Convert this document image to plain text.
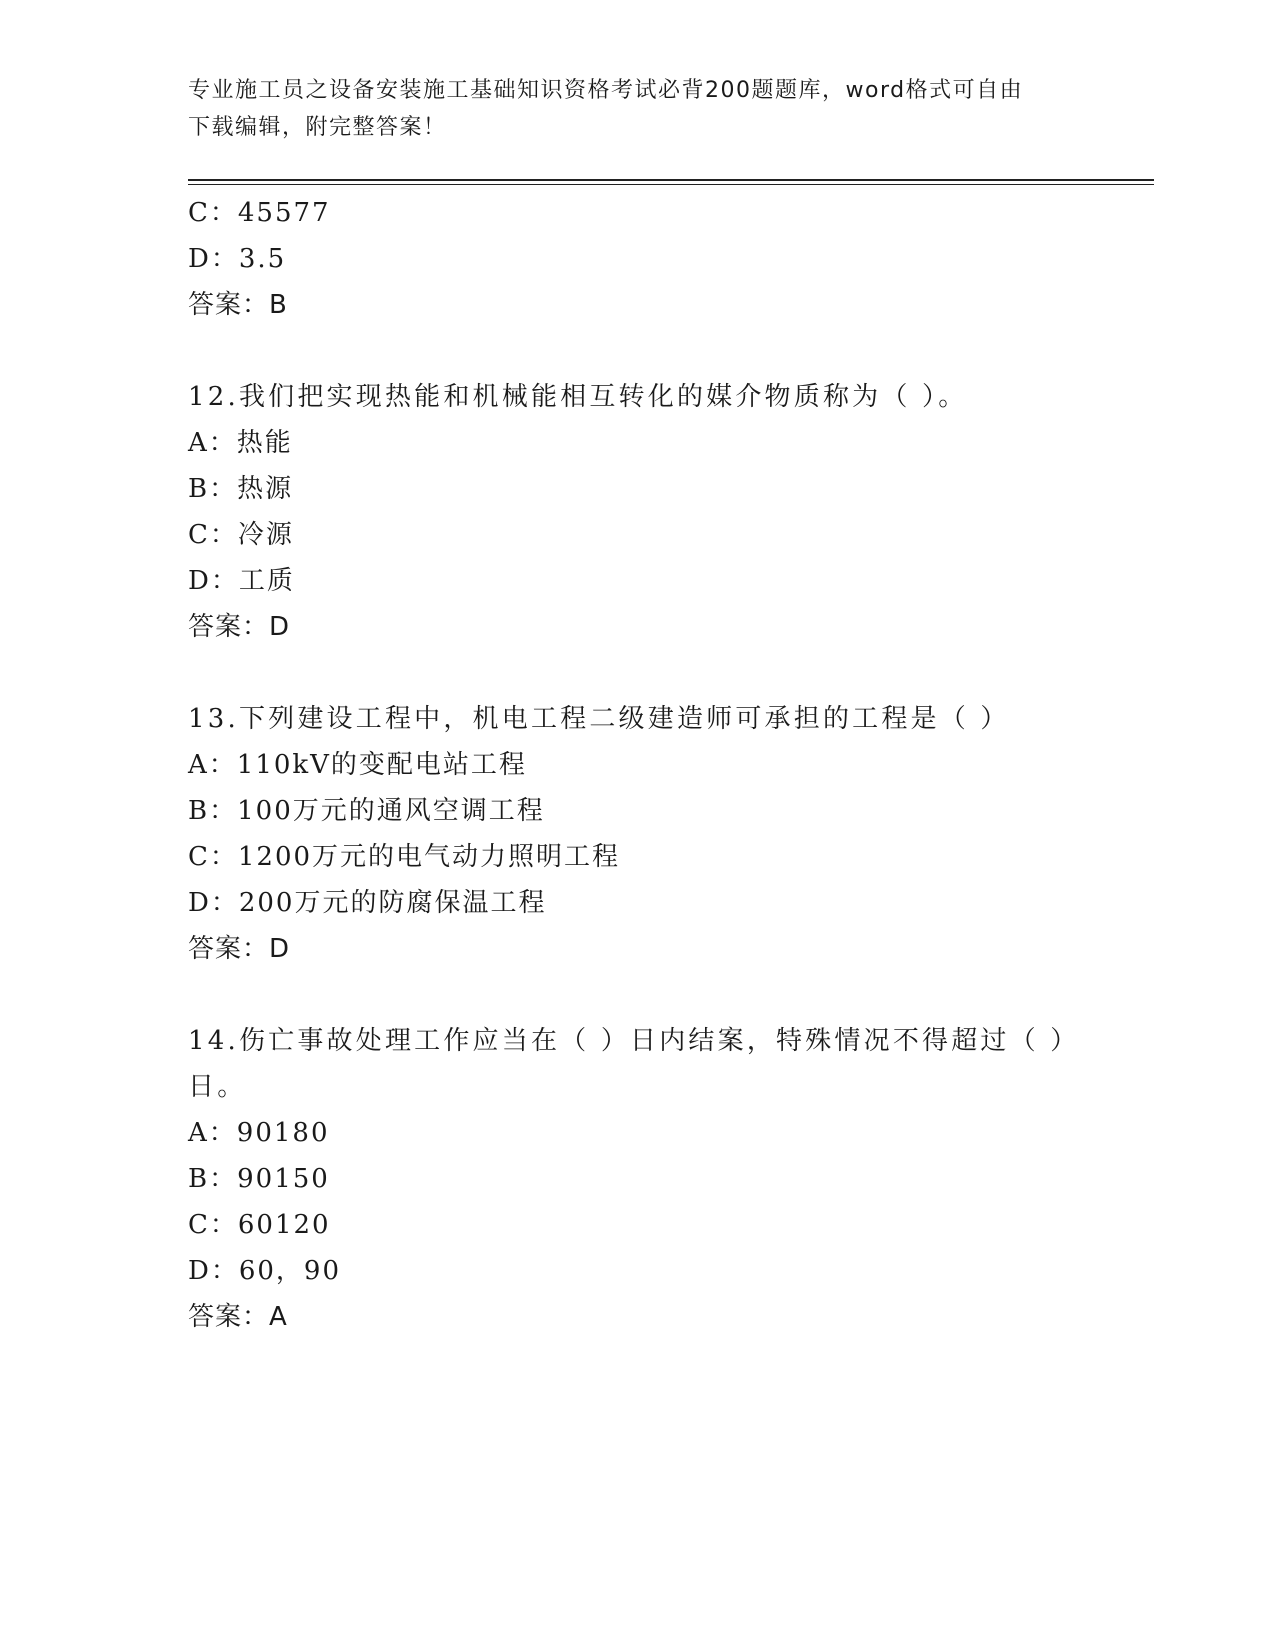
专业施工员之设备安装施工基础知识资格考试必背200题题库，word格式可自由
下载编辑，附完整答案！
C：45577
D：3.5
答案：B
12.我们把实现热能和机械能相互转化的媒介物质称为（ ）。
A：热能
B：热源
C：冷源
D：工质
答案：D
13.下列建设工程中，机电工程二级建造师可承担的工程是（ ）
A：110kV的变配电站工程
B：100万元的通风空调工程
C：1200万元的电气动力照明工程
D：200万元的防腐保温工程
答案：D
14.伤亡事故处理工作应当在（ ）日内结案，特殊情况不得超过（ ）日。
A：90180
B：90150
C：60120
D：60，90
答案：A
